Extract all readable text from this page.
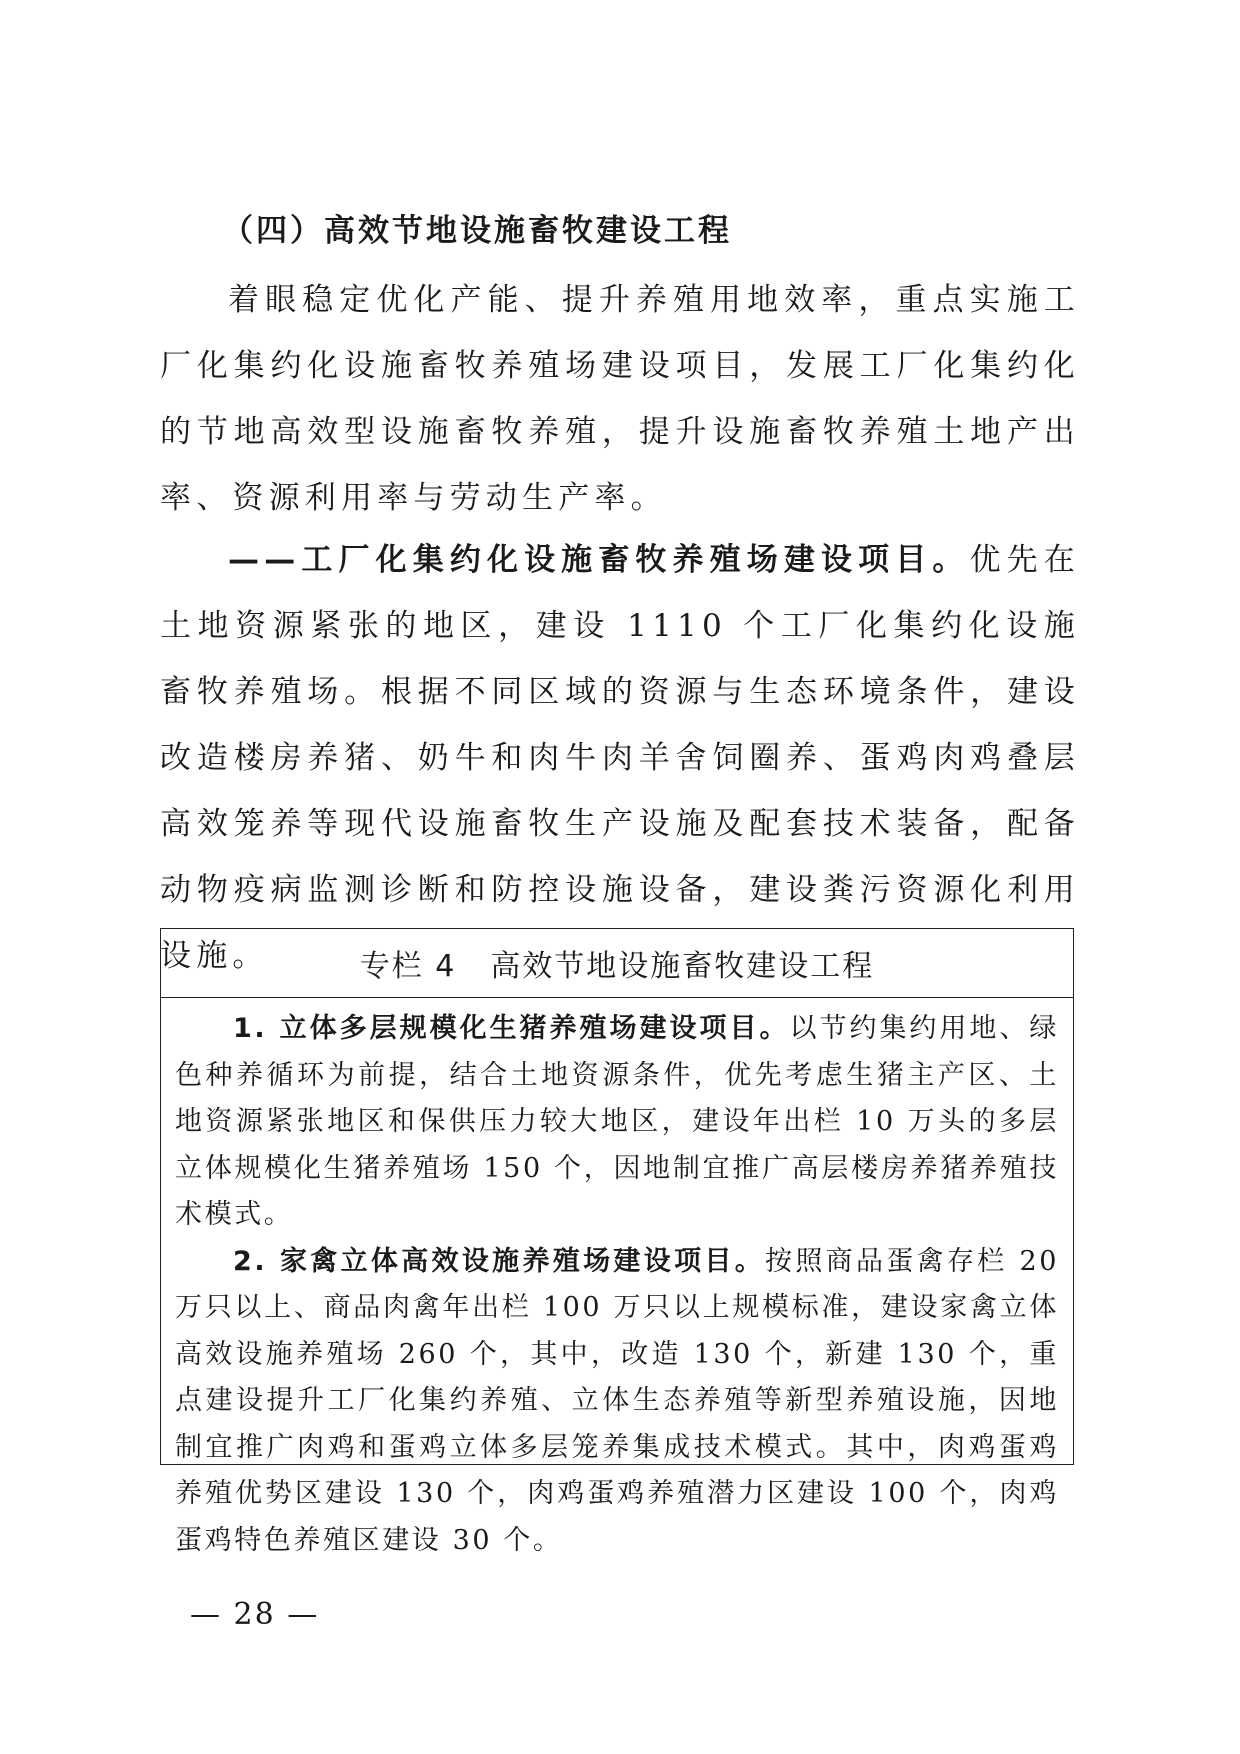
（四）高效节地设施畜牧建设工程

着眼稳定优化产能、提升养殖用地效率，重点实施工厂化集约化设施畜牧养殖场建设项目，发展工厂化集约化的节地高效型设施畜牧养殖，提升设施畜牧养殖土地产出率、资源利用率与劳动生产率。

——工厂化集约化设施畜牧养殖场建设项目。优先在土地资源紧张的地区，建设 1110 个工厂化集约化设施畜牧养殖场。根据不同区域的资源与生态环境条件，建设改造楼房养猪、奶牛和肉牛肉羊舍饲圈养、蛋鸡肉鸡叠层高效笼养等现代设施畜牧生产设施及配套技术装备，配备动物疫病监测诊断和防控设施设备，建设粪污资源化利用设施。	专栏 4 高效节地设施畜牧建设工程

1. 立体多层规模化生猪养殖场建设项目。以节约集约用地、绿色种养循环为前提，结合土地资源条件，优先考虑生猪主产区、土地资源紧张地区和保供压力较大地区，建设年出栏 10 万头的多层立体规模化生猪养殖场 150 个，因地制宜推广高层楼房养猪养殖技术模式。

2. 家禽立体高效设施养殖场建设项目。按照商品蛋禽存栏 20 万只以上、商品肉禽年出栏 100 万只以上规模标准，建设家禽立体高效设施养殖场 260 个，其中，改造 130 个，新建 130 个，重点建设提升工厂化集约养殖、立体生态养殖等新型养殖设施，因地制宜推广肉鸡和蛋鸡立体多层笼养集成技术模式。其中，肉鸡蛋鸡养殖优势区建设 130 个，肉鸡蛋鸡养殖潜力区建设 100 个，肉鸡蛋鸡特色养殖区建设 30 个。

— 28 —
